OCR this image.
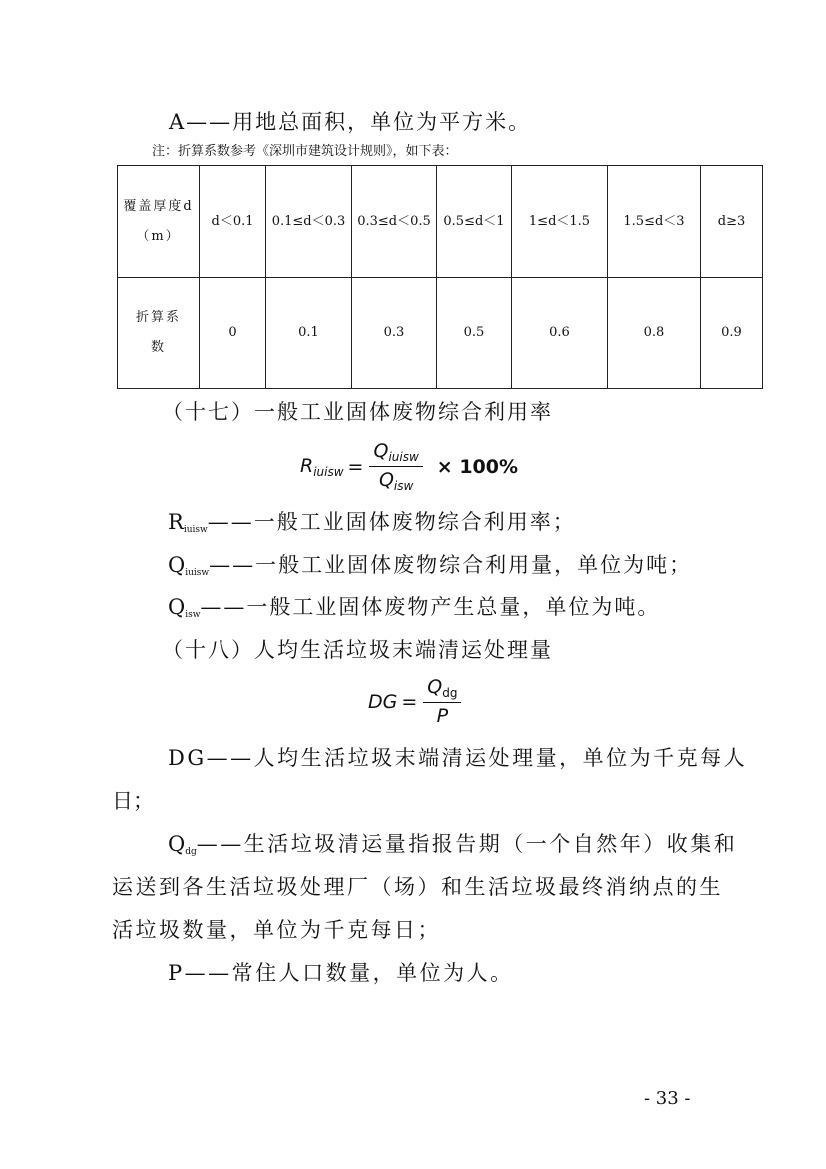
A——用地总面积，单位为平方米。
注：折算系数参考《深圳市建筑设计规则》，如下表：
覆盖厚度d（m）	d＜0.1	0.1≤d＜0.3	0.3≤d＜0.5	0.5≤d＜1	1≤d＜1.5	1.5≤d＜3	d≥3
折算系数	0	0.1	0.3	0.5	0.6	0.8	0.9
（十七）一般工业固体废物综合利用率
$R_{iuisw} = \frac{Q_{iuisw}}{Q_{isw}} \times 100\%$
$R_{iuisw}——$一般工业固体废物综合利用率；
$Q_{iuisw}——$一般工业固体废物综合利用量，单位为吨；
$Q_{isw}——$一般工业固体废物产生总量，单位为吨。
（十八）人均生活垃圾末端清运处理量
DG = $\frac{Q_{dg}}{P}$
DG——人均生活垃圾末端清运处理量，单位为千克每人
日；
$Q_{dg}——$生活垃圾清运量指报告期（一个自然年）收集和
运送到各生活垃圾处理厂（场）和生活垃圾最终消纳点的生
活垃圾数量，单位为千克每日；
P——常住人口数量，单位为人。
- 33 -
